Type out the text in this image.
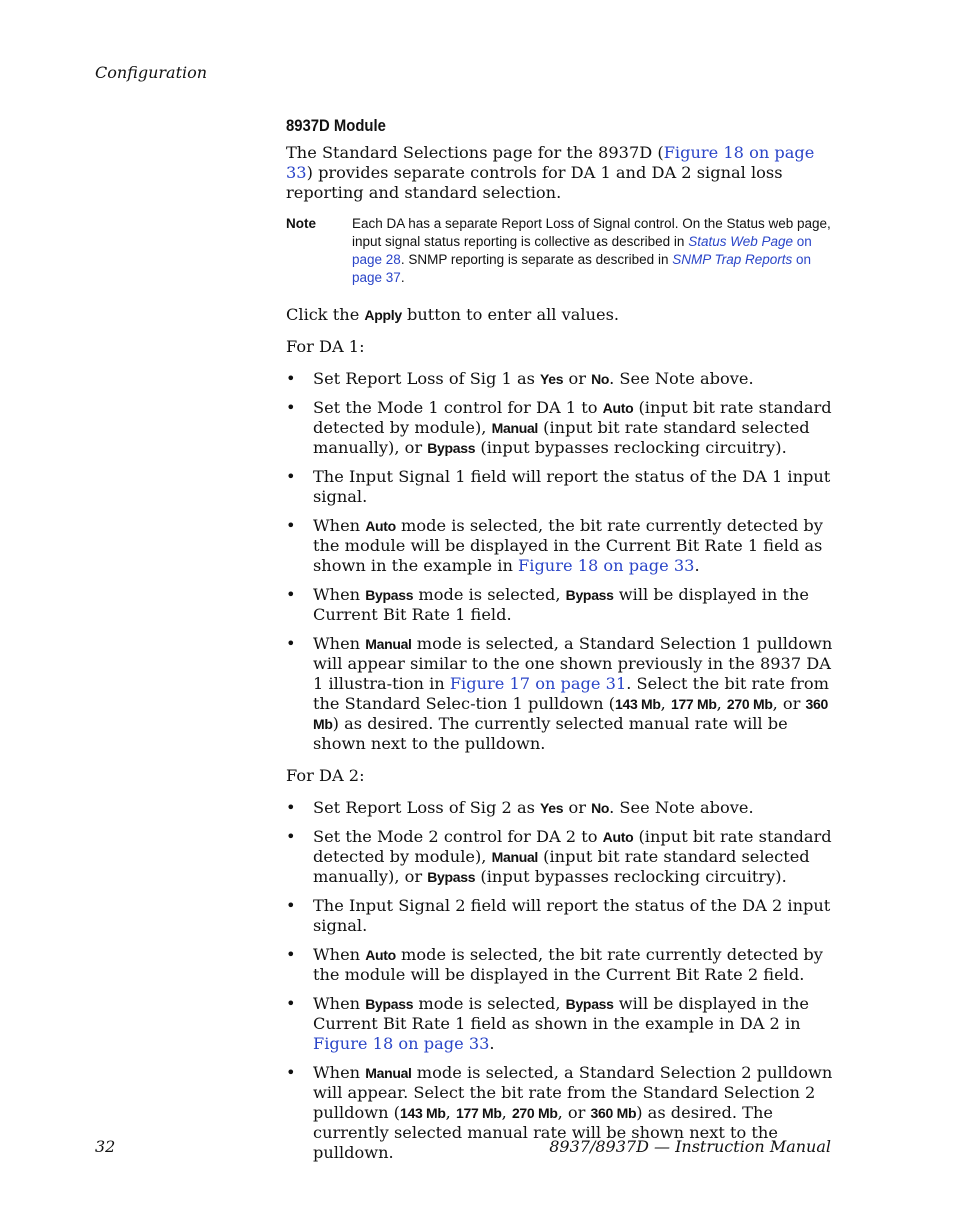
Configuration
8937D Module

The Standard Selections page for the 8937D (Figure 18 on page 33) provides separate controls for DA 1 and DA 2 signal loss reporting and standard selection.

Note	Each DA has a separate Report Loss of Signal control. On the Status web page, input signal status reporting is collective as described in Status Web Page on page 28. SNMP reporting is separate as described in SNMP Trap Reports on page 37.

Click the Apply button to enter all values.

For DA 1:

• Set Report Loss of Sig 1 as Yes or No. See Note above.
• Set the Mode 1 control for DA 1 to Auto (input bit rate standard detected by module), Manual (input bit rate standard selected manually), or Bypass (input bypasses reclocking circuitry).
• The Input Signal 1 field will report the status of the DA 1 input signal.
• When Auto mode is selected, the bit rate currently detected by the module will be displayed in the Current Bit Rate 1 field as shown in the example in Figure 18 on page 33.
• When Bypass mode is selected, Bypass will be displayed in the Current Bit Rate 1 field.
• When Manual mode is selected, a Standard Selection 1 pulldown will appear similar to the one shown previously in the 8937 DA 1 illustra-tion in Figure 17 on page 31. Select the bit rate from the Standard Selec-tion 1 pulldown (143 Mb, 177 Mb, 270 Mb, or 360 Mb) as desired. The currently selected manual rate will be shown next to the pulldown.

For DA 2:

• Set Report Loss of Sig 2 as Yes or No. See Note above.
• Set the Mode 2 control for DA 2 to Auto (input bit rate standard detected by module), Manual (input bit rate standard selected manually), or Bypass (input bypasses reclocking circuitry).
• The Input Signal 2 field will report the status of the DA 2 input signal.
• When Auto mode is selected, the bit rate currently detected by the module will be displayed in the Current Bit Rate 2 field.
• When Bypass mode is selected, Bypass will be displayed in the Current Bit Rate 1 field as shown in the example in DA 2 in Figure 18 on page 33.
• When Manual mode is selected, a Standard Selection 2 pulldown will appear. Select the bit rate from the Standard Selection 2 pulldown (143 Mb, 177 Mb, 270 Mb, or 360 Mb) as desired. The currently selected manual rate will be shown next to the pulldown.
32	8937/8937D — Instruction Manual
